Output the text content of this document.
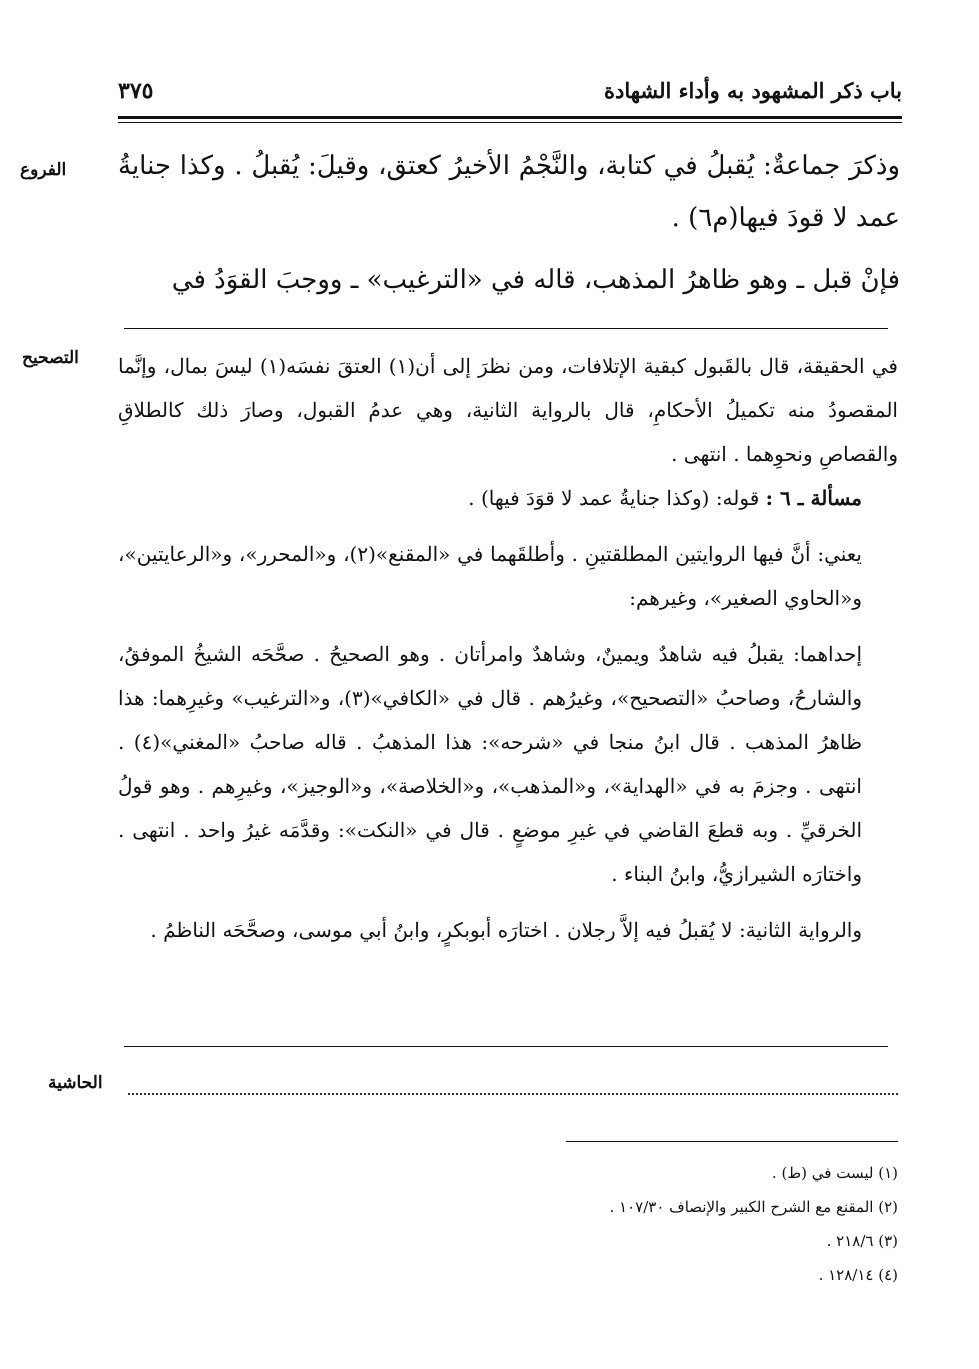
باب ذكر المشهود به وأداء الشهادة
٣٧٥
الفروع	وذكرَ جماعةٌ: يُقبلُ في كتابة، والنَّجْمُ الأخيرُ كعتق، وقيلَ: يُقبلُ . وكذا جنايةُ عمد لا قودَ فيها(م٦) .

فإنْ قبل ـ وهو ظاهرُ المذهب، قاله في «الترغيب» ـ ووجبَ القوَدُ في

التصحيح	في الحقيقة، قال بالقَبول كبقية الإتلافات، ومن نظرَ إلى أن(١) العتقَ نفسَه(١) ليسَ بمال، وإنَّما المقصودُ منه تكميلُ الأحكامِ، قال بالرواية الثانية، وهي عدمُ القبول، وصارَ ذلك كالطلاقِ والقصاصِ ونحوِهما . انتهى .

مسألة ـ ٦ : قوله: (وكذا جنايةُ عمد لا قوَدَ فيها) .

يعني: أنَّ فيها الروايتين المطلقتينِ . وأطلقَهما في «المقنع»(٢)، و«المحرر»، و«الرعايتين»، و«الحاوي الصغير»، وغيرهم:

إحداهما: يقبلُ فيه شاهدٌ ويمينٌ، وشاهدٌ وامرأتان . وهو الصحيحُ . صحَّحَه الشيخُ الموفقُ، والشارحُ، وصاحبُ «التصحيح»، وغيرُهم . قال في «الكافي»(٣)، و«الترغيب» وغيرِهما: هذا ظاهرُ المذهب . قال ابنُ منجا في «شرحه»: هذا المذهبُ . قاله صاحبُ «المغني»(٤) . انتهى . وجزمَ به في «الهداية»، و«المذهب»، و«الخلاصة»، و«الوجيز»، وغيرِهم . وهو قولُ الخرقيِّ . وبه قطعَ القاضي في غيرِ موضعٍ . قال في «النكت»: وقدَّمَه غيرُ واحد . انتهى . واختارَه الشيرازيُّ، وابنُ البناء .

والرواية الثانية: لا يُقبلُ فيه إلاَّ رجلان . اختارَه أبوبكرٍ، وابنُ أبي موسى، وصحَّحَه الناظمُ .

الحاشية
(١) ليست في (ط) .
(٢) المقنع مع الشرح الكبير والإنصاف ١٠٧/٣٠ .
(٣) ٢١٨/٦ .
(٤) ١٢٨/١٤ .
